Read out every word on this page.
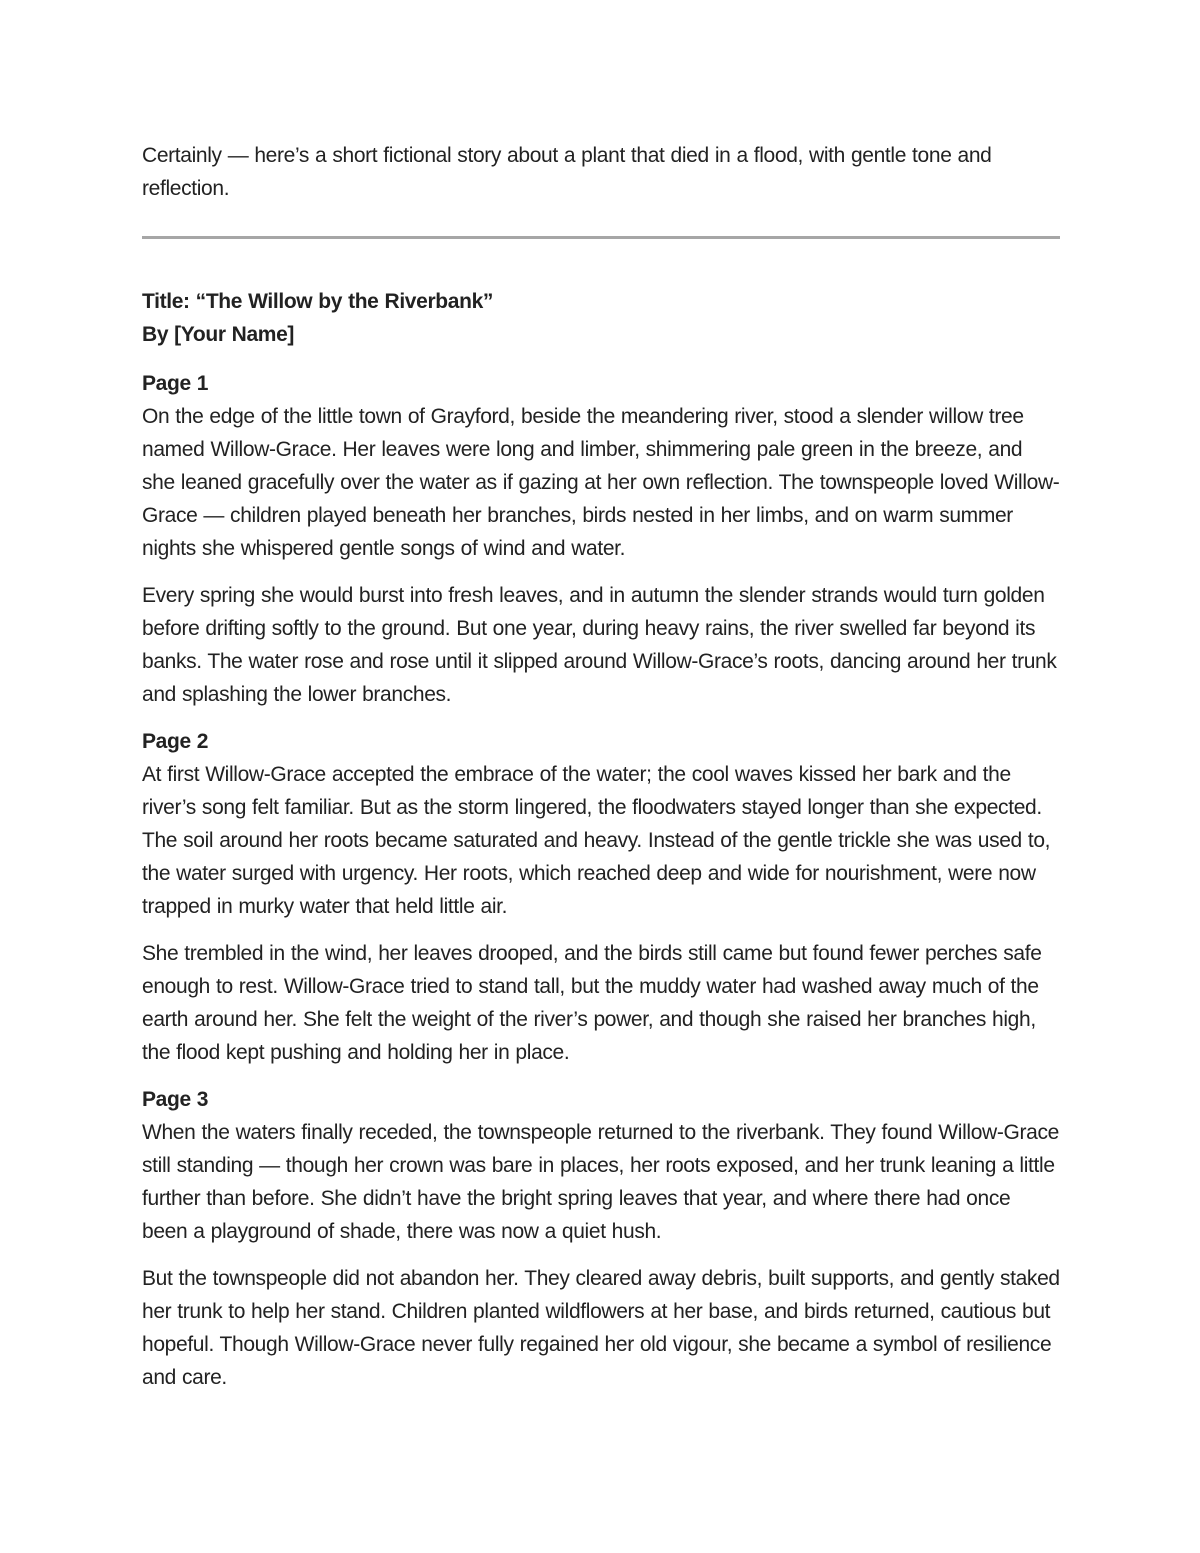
Certainly — here’s a short fictional story about a plant that died in a flood, with gentle tone and reflection.

Title: “The Willow by the Riverbank”

By [Your Name]

Page 1

On the edge of the little town of Grayford, beside the meandering river, stood a slender willow tree named Willow-Grace. Her leaves were long and limber, shimmering pale green in the breeze, and she leaned gracefully over the water as if gazing at her own reflection. The townspeople loved Willow-Grace — children played beneath her branches, birds nested in her limbs, and on warm summer nights she whispered gentle songs of wind and water.

Every spring she would burst into fresh leaves, and in autumn the slender strands would turn golden before drifting softly to the ground. But one year, during heavy rains, the river swelled far beyond its banks. The water rose and rose until it slipped around Willow-Grace’s roots, dancing around her trunk and splashing the lower branches.

Page 2

At first Willow-Grace accepted the embrace of the water; the cool waves kissed her bark and the river’s song felt familiar. But as the storm lingered, the floodwaters stayed longer than she expected. The soil around her roots became saturated and heavy. Instead of the gentle trickle she was used to, the water surged with urgency. Her roots, which reached deep and wide for nourishment, were now trapped in murky water that held little air.

She trembled in the wind, her leaves drooped, and the birds still came but found fewer perches safe enough to rest. Willow-Grace tried to stand tall, but the muddy water had washed away much of the earth around her. She felt the weight of the river’s power, and though she raised her branches high, the flood kept pushing and holding her in place.

Page 3

When the waters finally receded, the townspeople returned to the riverbank. They found Willow-Grace still standing — though her crown was bare in places, her roots exposed, and her trunk leaning a little further than before. She didn’t have the bright spring leaves that year, and where there had once been a playground of shade, there was now a quiet hush.

But the townspeople did not abandon her. They cleared away debris, built supports, and gently staked her trunk to help her stand. Children planted wildflowers at her base, and birds returned, cautious but hopeful. Though Willow-Grace never fully regained her old vigour, she became a symbol of resilience and care.
